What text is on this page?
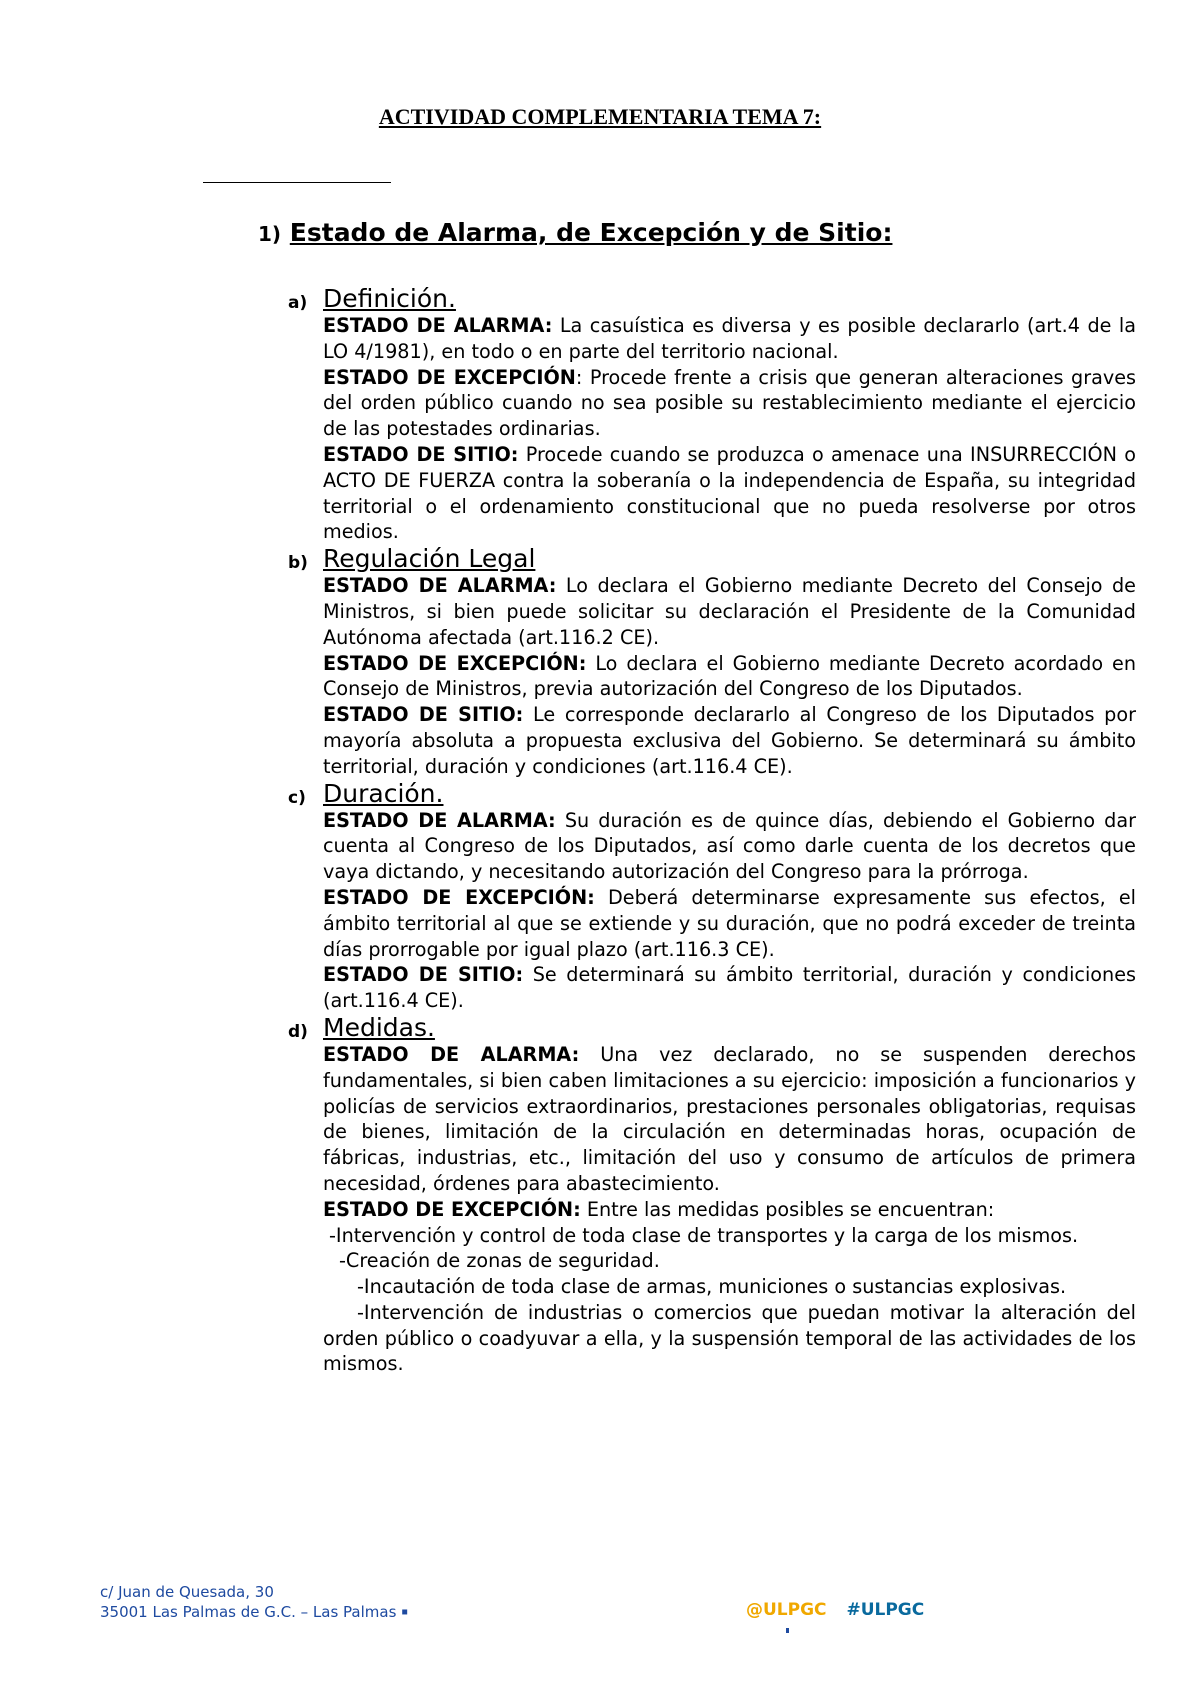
ACTIVIDAD COMPLEMENTARIA TEMA 7:
1) Estado de Alarma, de Excepción y de Sitio:
a) Definición.

ESTADO DE ALARMA: La casuística es diversa y es posible declararlo (art.4 de la LO 4/1981), en todo o en parte del territorio nacional.

ESTADO DE EXCEPCIÓN: Procede frente a crisis que generan alteraciones graves del orden público cuando no sea posible su restablecimiento mediante el ejercicio de las potestades ordinarias.

ESTADO DE SITIO: Procede cuando se produzca o amenace una INSURRECCIÓN o ACTO DE FUERZA contra la soberanía o la independencia de España, su integridad territorial o el ordenamiento constitucional que no pueda resolverse por otros medios.

b) Regulación Legal

ESTADO DE ALARMA: Lo declara el Gobierno mediante Decreto del Consejo de Ministros, si bien puede solicitar su declaración el Presidente de la Comunidad Autónoma afectada (art.116.2 CE).

ESTADO DE EXCEPCIÓN: Lo declara el Gobierno mediante Decreto acordado en Consejo de Ministros, previa autorización del Congreso de los Diputados.

ESTADO DE SITIO: Le corresponde declararlo al Congreso de los Diputados por mayoría absoluta a propuesta exclusiva del Gobierno. Se determinará su ámbito territorial, duración y condiciones (art.116.4 CE).

c) Duración.

ESTADO DE ALARMA: Su duración es de quince días, debiendo el Gobierno dar cuenta al Congreso de los Diputados, así como darle cuenta de los decretos que vaya dictando, y necesitando autorización del Congreso para la prórroga.

ESTADO DE EXCEPCIÓN: Deberá determinarse expresamente sus efectos, el ámbito territorial al que se extiende y su duración, que no podrá exceder de treinta días prorrogable por igual plazo (art.116.3 CE).

ESTADO DE SITIO: Se determinará su ámbito territorial, duración y condiciones (art.116.4 CE).

d) Medidas.

ESTADO DE ALARMA: Una vez declarado, no se suspenden derechos fundamentales, si bien caben limitaciones a su ejercicio: imposición a funcionarios y policías de servicios extraordinarios, prestaciones personales obligatorias, requisas de bienes, limitación de la circulación en determinadas horas, ocupación de fábricas, industrias, etc., limitación del uso y consumo de artículos de primera necesidad, órdenes para abastecimiento.

ESTADO DE EXCEPCIÓN: Entre las medidas posibles se encuentran:

-Intervención y control de toda clase de transportes y la carga de los mismos.
-Creación de zonas de seguridad.
-Incautación de toda clase de armas, municiones o sustancias explosivas.
-Intervención de industrias o comercios que puedan motivar la alteración del orden público o coadyuvar a ella, y la suspensión temporal de las actividades de los mismos.

c/ Juan de Quesada, 30
35001 Las Palmas de G.C. – Las Palmas ▪	@ULPGC #ULPGC
